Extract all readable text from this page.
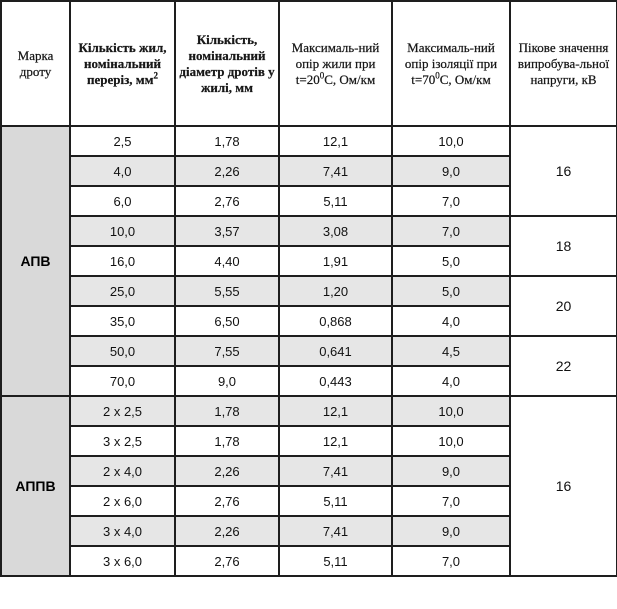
Марка дроту	Кількість жил, номінальний переріз, $мм^2$	Кількість, номінальний діаметр дротів у жилі, мм	Максималь-ний опір жили при $t=20^0С$, Ом/км	Максималь-ний опір ізоляції при $t=70^0С$, Ом/км	Пікове значення випробува-льної напруги, кВ
АПВ	2,5	1,78	12,1	10,0	16
	4,0	2,26	7,41	9,0	
	6,0	2,76	5,11	7,0	
	10,0	3,57	3,08	7,0	18
	16,0	4,40	1,91	5,0	
	25,0	5,55	1,20	5,0	20
	35,0	6,50	0,868	4,0	
	50,0	7,55	0,641	4,5	22
	70,0	9,0	0,443	4,0	
АППВ	2 х 2,5	1,78	12,1	10,0	16
	3 х 2,5	1,78	12,1	10,0	
	2 х 4,0	2,26	7,41	9,0	
	2 х 6,0	2,76	5,11	7,0	
	3 х 4,0	2,26	7,41	9,0	
	3 х 6,0	2,76	5,11	7,0	
